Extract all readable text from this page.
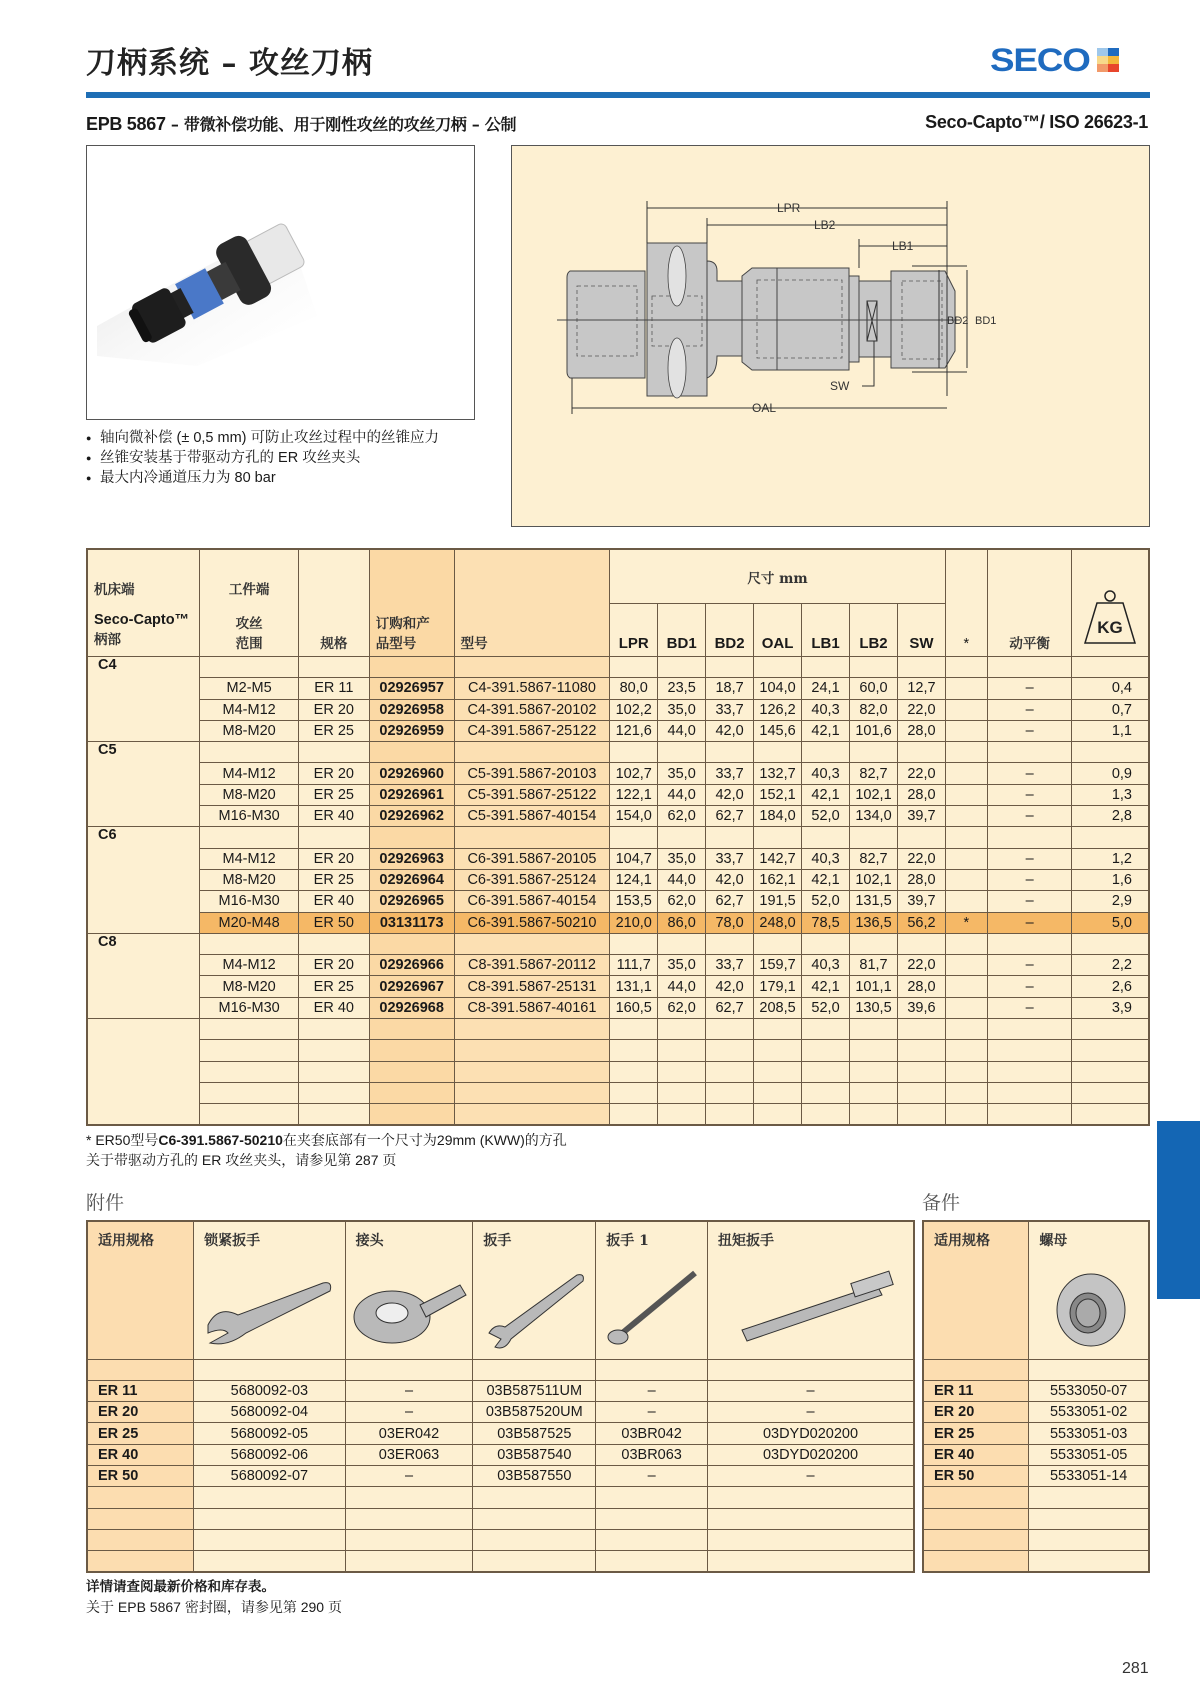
刀柄系统 – 攻丝刀柄	SECO
EPB 5867 – 带微补偿功能、用于刚性攻丝的攻丝刀柄 – 公制	Seco-Capto™/ ISO 26623-1
● 轴向微补偿 (± 0,5 mm) 可防止攻丝过程中的丝锥应力
● 丝锥安装基于带驱动方孔的 ER 攻丝夹头
● 最大内冷通道压力为 80 bar
LPR
LB2
LB1
BD2 BD1
SW
OAL
机床端
Seco-Capto™
柄部

工件端
攻丝
范围	规格	
订购和产
品型号	型号	尺寸 mm	*	动平衡	
KG

					LPR	BD1	BD2	OAL	LB1	LB2	SW			
C4														
	M2-M5	ER 11	02926957	C4-391.5867-11080	80,0	23,5	18,7	104,0	24,1	60,0	12,7		–	0,4
	M4-M12	ER 20	02926958	C4-391.5867-20102	102,2	35,0	33,7	126,2	40,3	82,0	22,0		–	0,7
	M8-M20	ER 25	02926959	C4-391.5867-25122	121,6	44,0	42,0	145,6	42,1	101,6	28,0		–	1,1
C5														
	M4-M12	ER 20	02926960	C5-391.5867-20103	102,7	35,0	33,7	132,7	40,3	82,7	22,0		–	0,9
	M8-M20	ER 25	02926961	C5-391.5867-25122	122,1	44,0	42,0	152,1	42,1	102,1	28,0		–	1,3
	M16-M30	ER 40	02926962	C5-391.5867-40154	154,0	62,0	62,7	184,0	52,0	134,0	39,7		–	2,8
C6														
	M4-M12	ER 20	02926963	C6-391.5867-20105	104,7	35,0	33,7	142,7	40,3	82,7	22,0		–	1,2
	M8-M20	ER 25	02926964	C6-391.5867-25124	124,1	44,0	42,0	162,1	42,1	102,1	28,0		–	1,6
	M16-M30	ER 40	02926965	C6-391.5867-40154	153,5	62,0	62,7	191,5	52,0	131,5	39,7		–	2,9
	M20-M48	ER 50	03131173	C6-391.5867-50210	210,0	86,0	78,0	248,0	78,5	136,5	56,2	*	–	5,0
C8														
	M4-M12	ER 20	02926966	C8-391.5867-20112	111,7	35,0	33,7	159,7	40,3	81,7	22,0		–	2,2
	M8-M20	ER 25	02926967	C8-391.5867-25131	131,1	44,0	42,0	179,1	42,1	101,1	28,0		–	2,6
	M16-M30	ER 40	02926968	C8-391.5867-40161	160,5	62,0	62,7	208,5	52,0	130,5	39,6		–	3,9

* ER50型号C6-391.5867-50210在夹套底部有一个尺寸为29mm (KWW)的方孔
关于带驱动方孔的 ER 攻丝夹头，请参见第 287 页
附件	备件
适用规格	锁紧扳手	接头	扳手	扳手 1	扭矩扳手

ER 11	5680092-03	–	03B587511UM	–	–
ER 20	5680092-04	–	03B587520UM	–	–
ER 25	5680092-05	03ER042	03B587525	03BR042	03DYD020200
ER 40	5680092-06	03ER063	03B587540	03BR063	03DYD020200
ER 50	5680092-07	–	03B587550	–	–

适用规格	螺母

ER 11	5533050-07
ER 20	5533051-02
ER 25	5533051-03
ER 40	5533051-05
ER 50	5533051-14

详情请查阅最新价格和库存表。
关于 EPB 5867 密封圈，请参见第 290 页
281
